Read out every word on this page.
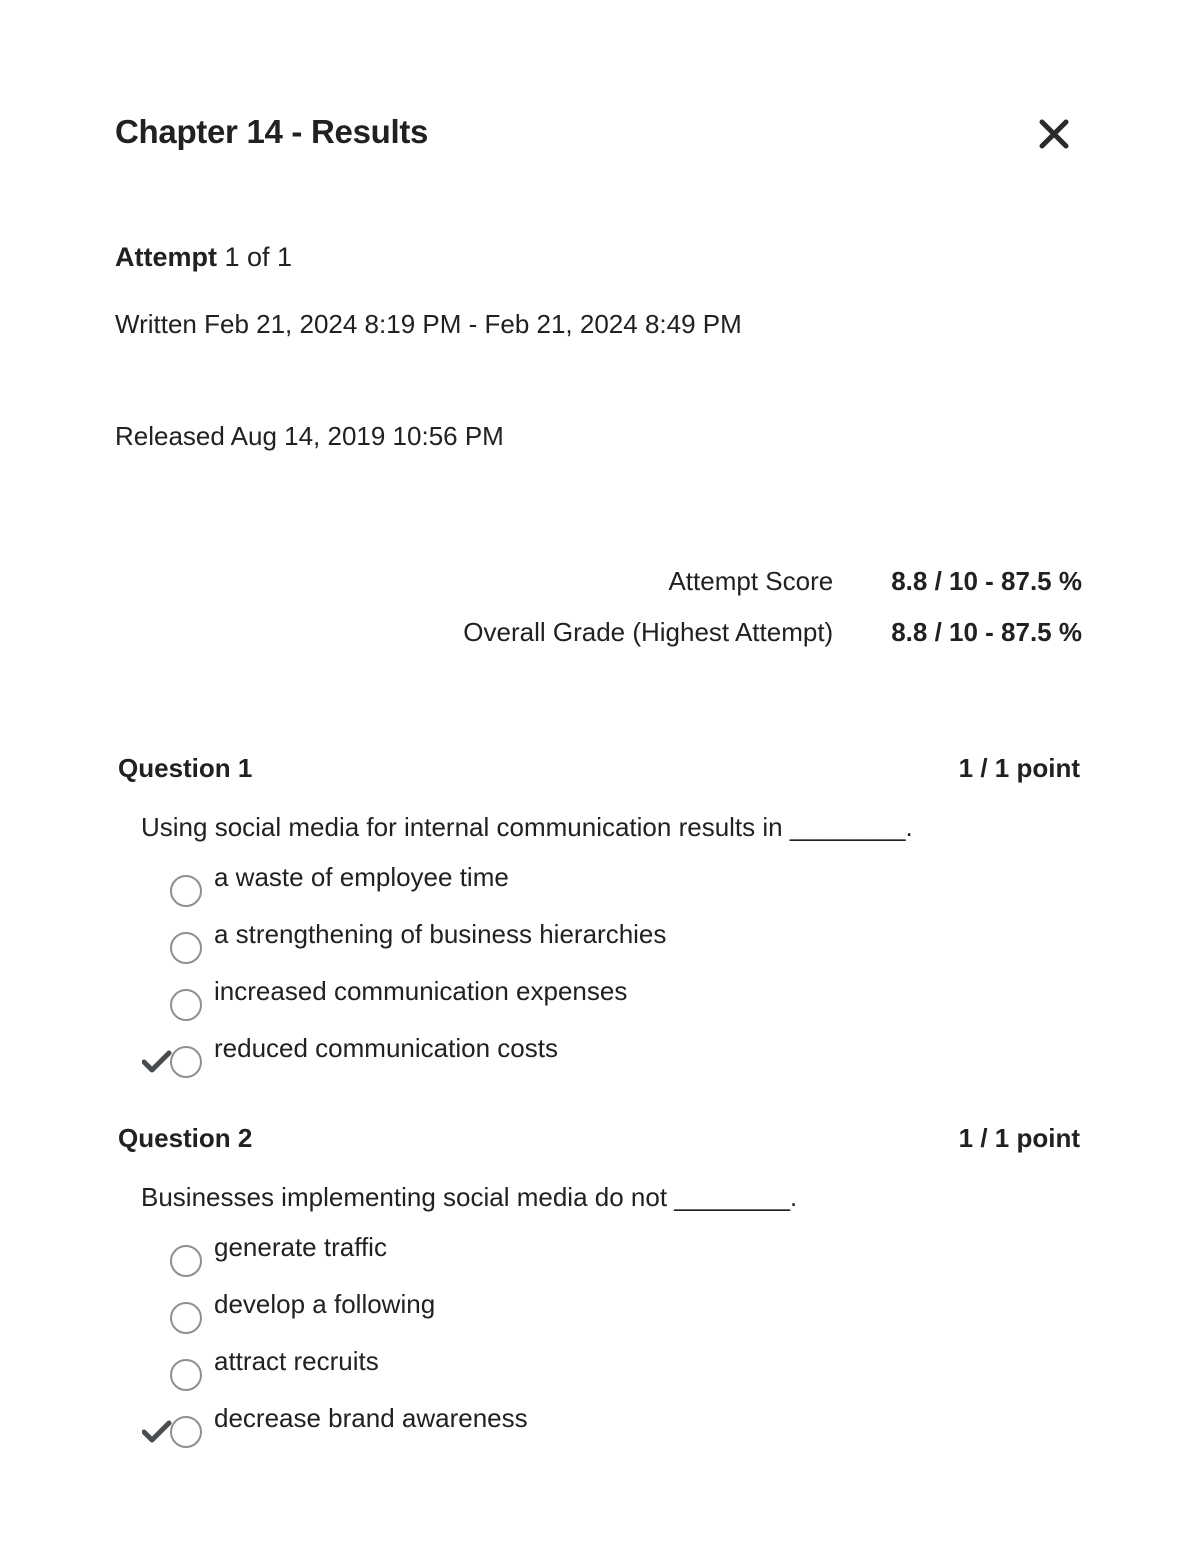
Chapter 14 - Results
Attempt 1 of 1
Written Feb 21, 2024 8:19 PM - Feb 21, 2024 8:49 PM
Released Aug 14, 2019 10:56 PM
Attempt Score	8.8 / 10 - 87.5 %
Overall Grade (Highest Attempt)	8.8 / 10 - 87.5 %
Question 1	1 / 1 point
Using social media for internal communication results in ________.
a waste of employee time
a strengthening of business hierarchies
increased communication expenses
reduced communication costs
Question 2	1 / 1 point
Businesses implementing social media do not ________.
generate traffic
develop a following
attract recruits
decrease brand awareness
